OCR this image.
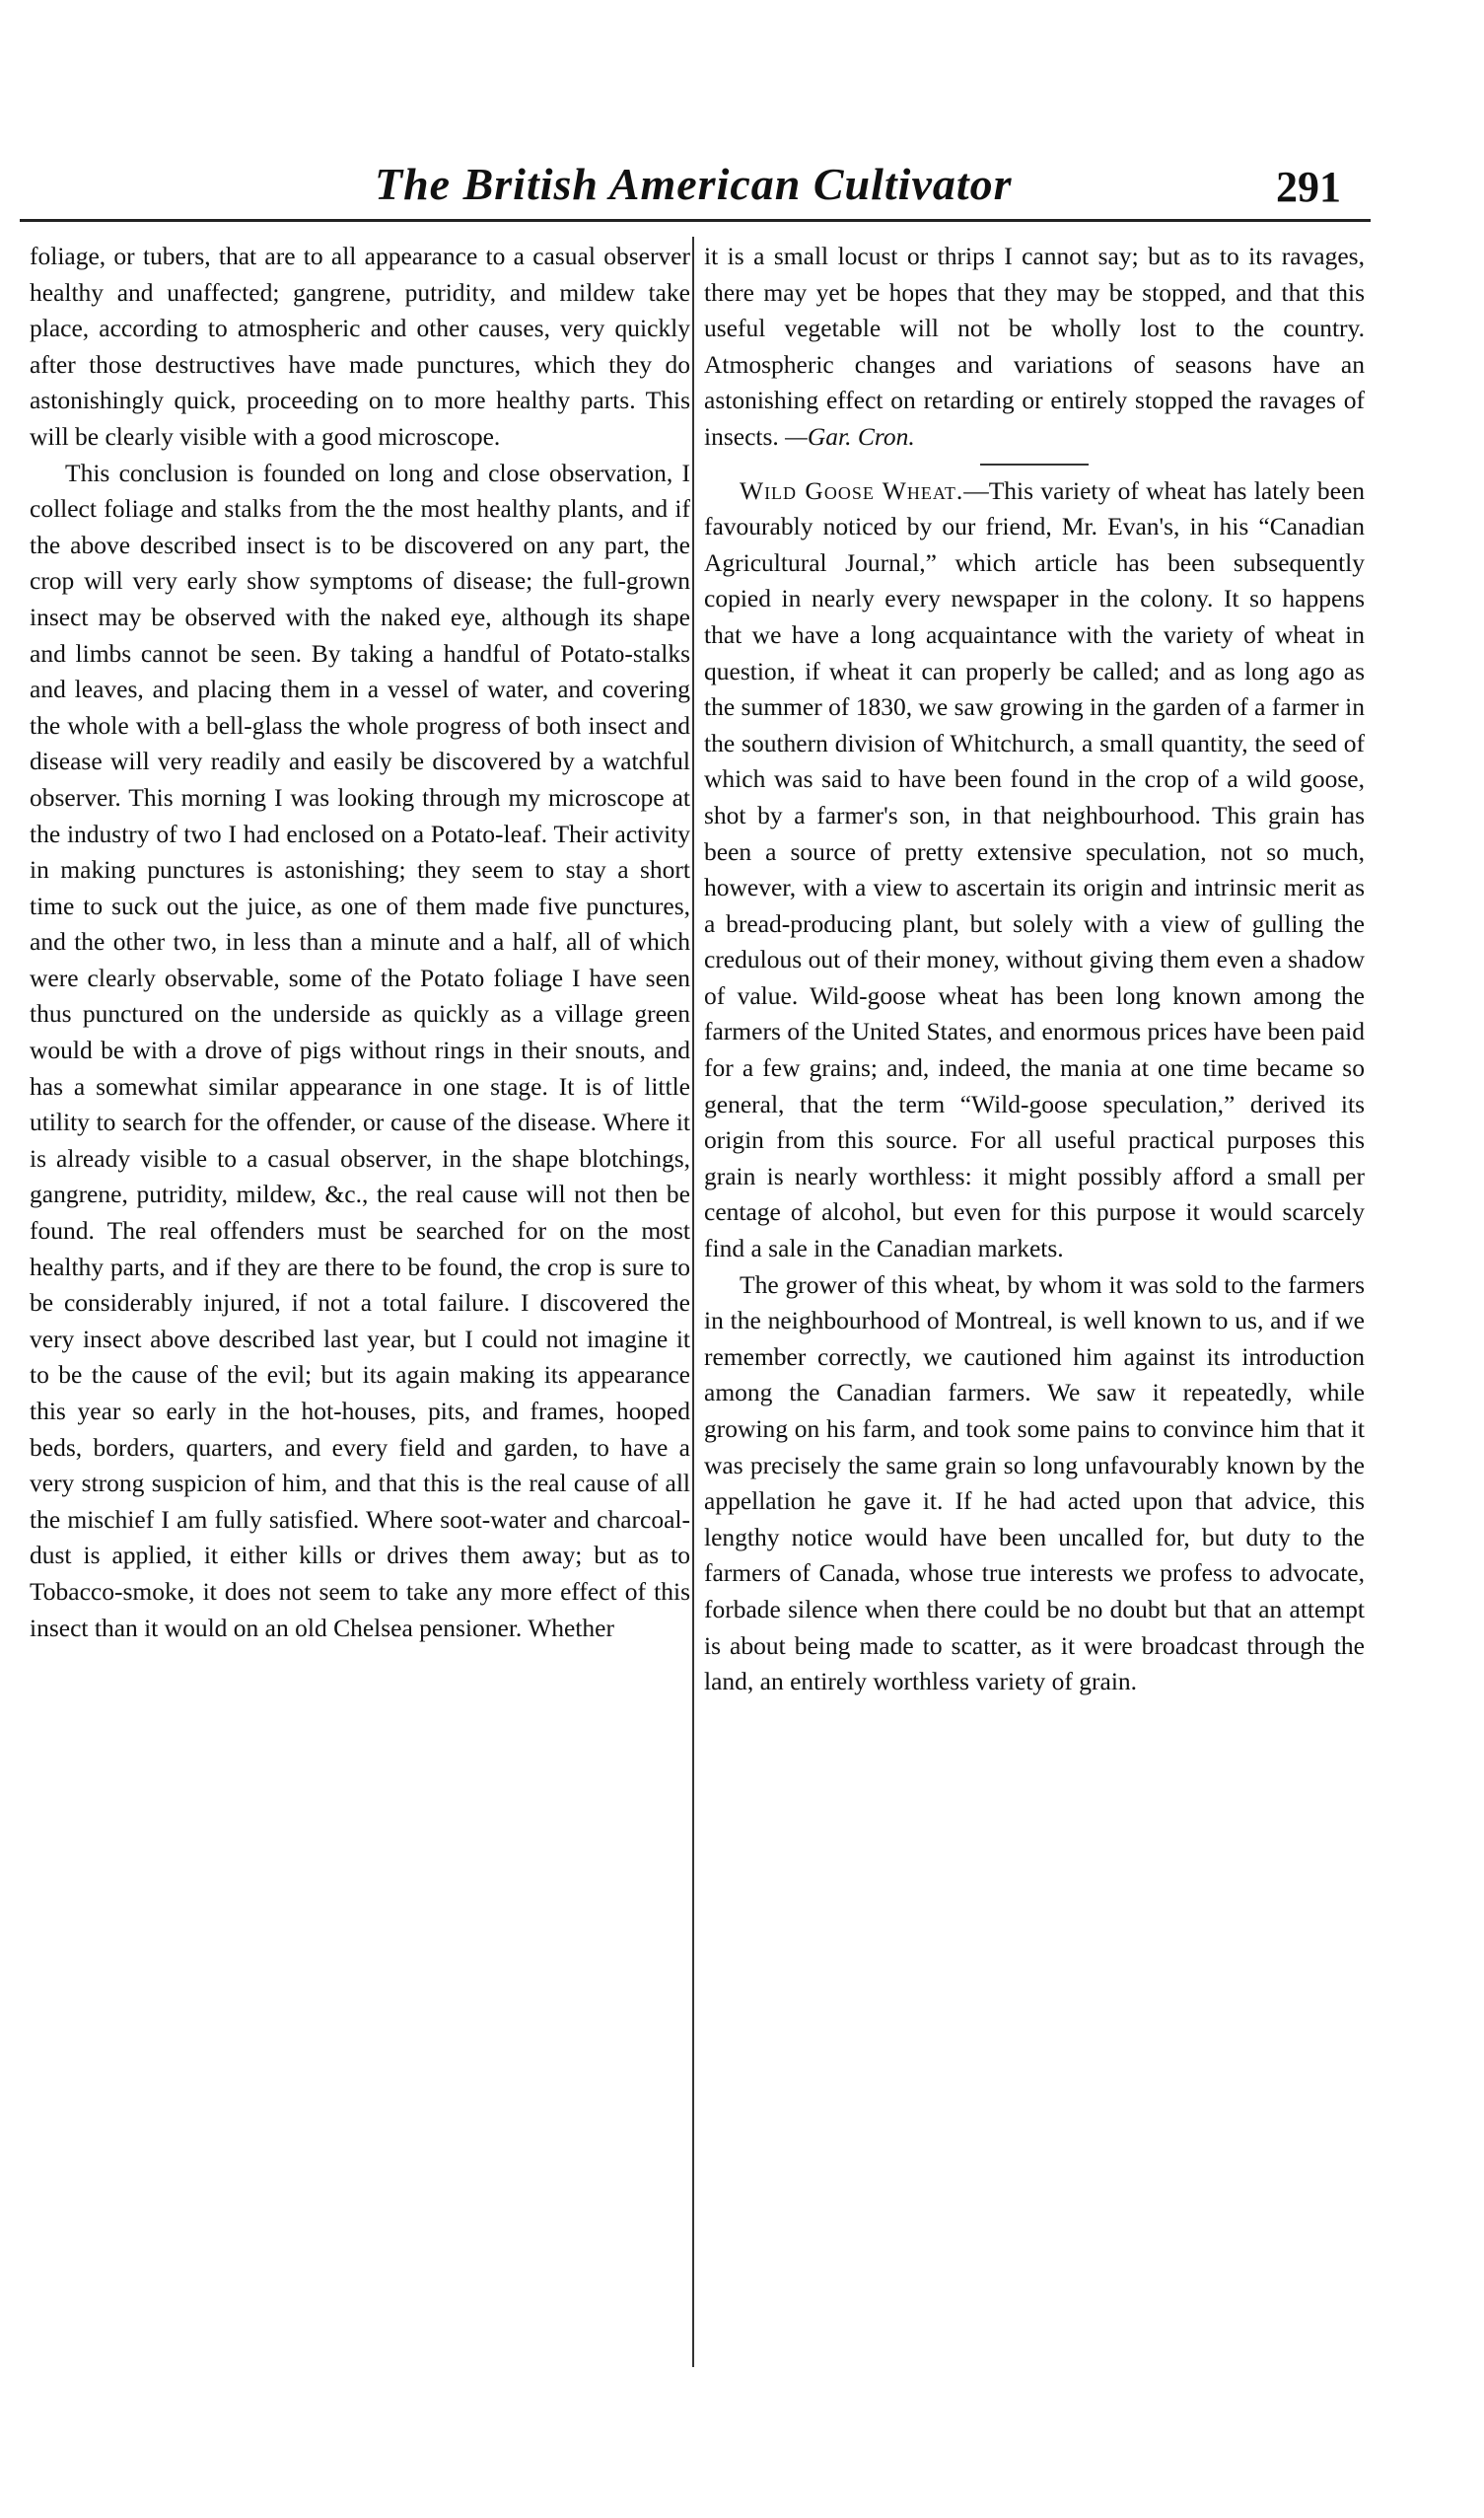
The British American Cultivator	291

foliage, or tubers, that are to all appearance to a casual observer healthy and unaffected; gangrene, putridity, and mildew take place, according to atmospheric and other causes, very quickly after those destructives have made punctures, which they do astonishingly quick, proceeding on to more healthy parts. This will be clearly visible with a good microscope.

This conclusion is founded on long and close observation, I collect foliage and stalks from the the most healthy plants, and if the above described insect is to be discovered on any part, the crop will very early show symptoms of disease; the full-grown insect may be observed with the naked eye, although its shape and limbs cannot be seen. By taking a handful of Potato-stalks and leaves, and placing them in a vessel of water, and covering the whole with a bell-glass the whole progress of both insect and disease will very readily and easily be discovered by a watchful observer. This morning I was looking through my microscope at the industry of two I had enclosed on a Potato-leaf. Their activity in making punctures is astonishing; they seem to stay a short time to suck out the juice, as one of them made five punctures, and the other two, in less than a minute and a half, all of which were clearly observable, some of the Potato foliage I have seen thus punctured on the underside as quickly as a village green would be with a drove of pigs without rings in their snouts, and has a somewhat similar appearance in one stage. It is of little utility to search for the offender, or cause of the disease. Where it is already visible to a casual observer, in the shape blotchings, gangrene, putridity, mildew, &c., the real cause will not then be found. The real offenders must be searched for on the most healthy parts, and if they are there to be found, the crop is sure to be considerably injured, if not a total failure. I discovered the very insect above described last year, but I could not imagine it to be the cause of the evil; but its again making its appearance this year so early in the hot-houses, pits, and frames, hooped beds, borders, quarters, and every field and garden, to have a very strong suspicion of him, and that this is the real cause of all the mischief I am fully satisfied. Where soot-water and charcoal-dust is applied, it either kills or drives them away; but as to Tobacco-smoke, it does not seem to take any more effect of this insect than it would on an old Chelsea pensioner. Whether

it is a small locust or thrips I cannot say; but as to its ravages, there may yet be hopes that they may be stopped, and that this useful vegetable will not be wholly lost to the country. Atmospheric changes and variations of seasons have an astonishing effect on retarding or entirely stopped the ravages of insects. —Gar. Cron.

Wild Goose Wheat.—This variety of wheat has lately been favourably noticed by our friend, Mr. Evan's, in his “Canadian Agricultural Journal,” which article has been subsequently copied in nearly every newspaper in the colony. It so happens that we have a long acquaintance with the variety of wheat in question, if wheat it can properly be called; and as long ago as the summer of 1830, we saw growing in the garden of a farmer in the southern division of Whitchurch, a small quantity, the seed of which was said to have been found in the crop of a wild goose, shot by a farmer's son, in that neighbourhood. This grain has been a source of pretty extensive speculation, not so much, however, with a view to ascertain its origin and intrinsic merit as a bread-producing plant, but solely with a view of gulling the credulous out of their money, without giving them even a shadow of value. Wild-goose wheat has been long known among the farmers of the United States, and enormous prices have been paid for a few grains; and, indeed, the mania at one time became so general, that the term “Wild-goose speculation,” derived its origin from this source. For all useful practical purposes this grain is nearly worthless: it might possibly afford a small per centage of alcohol, but even for this purpose it would scarcely find a sale in the Canadian markets.

The grower of this wheat, by whom it was sold to the farmers in the neighbourhood of Montreal, is well known to us, and if we remember correctly, we cautioned him against its introduction among the Canadian farmers. We saw it repeatedly, while growing on his farm, and took some pains to convince him that it was precisely the same grain so long unfavourably known by the appellation he gave it. If he had acted upon that advice, this lengthy notice would have been uncalled for, but duty to the farmers of Canada, whose true interests we profess to advocate, forbade silence when there could be no doubt but that an attempt is about being made to scatter, as it were broadcast through the land, an entirely worthless variety of grain.
